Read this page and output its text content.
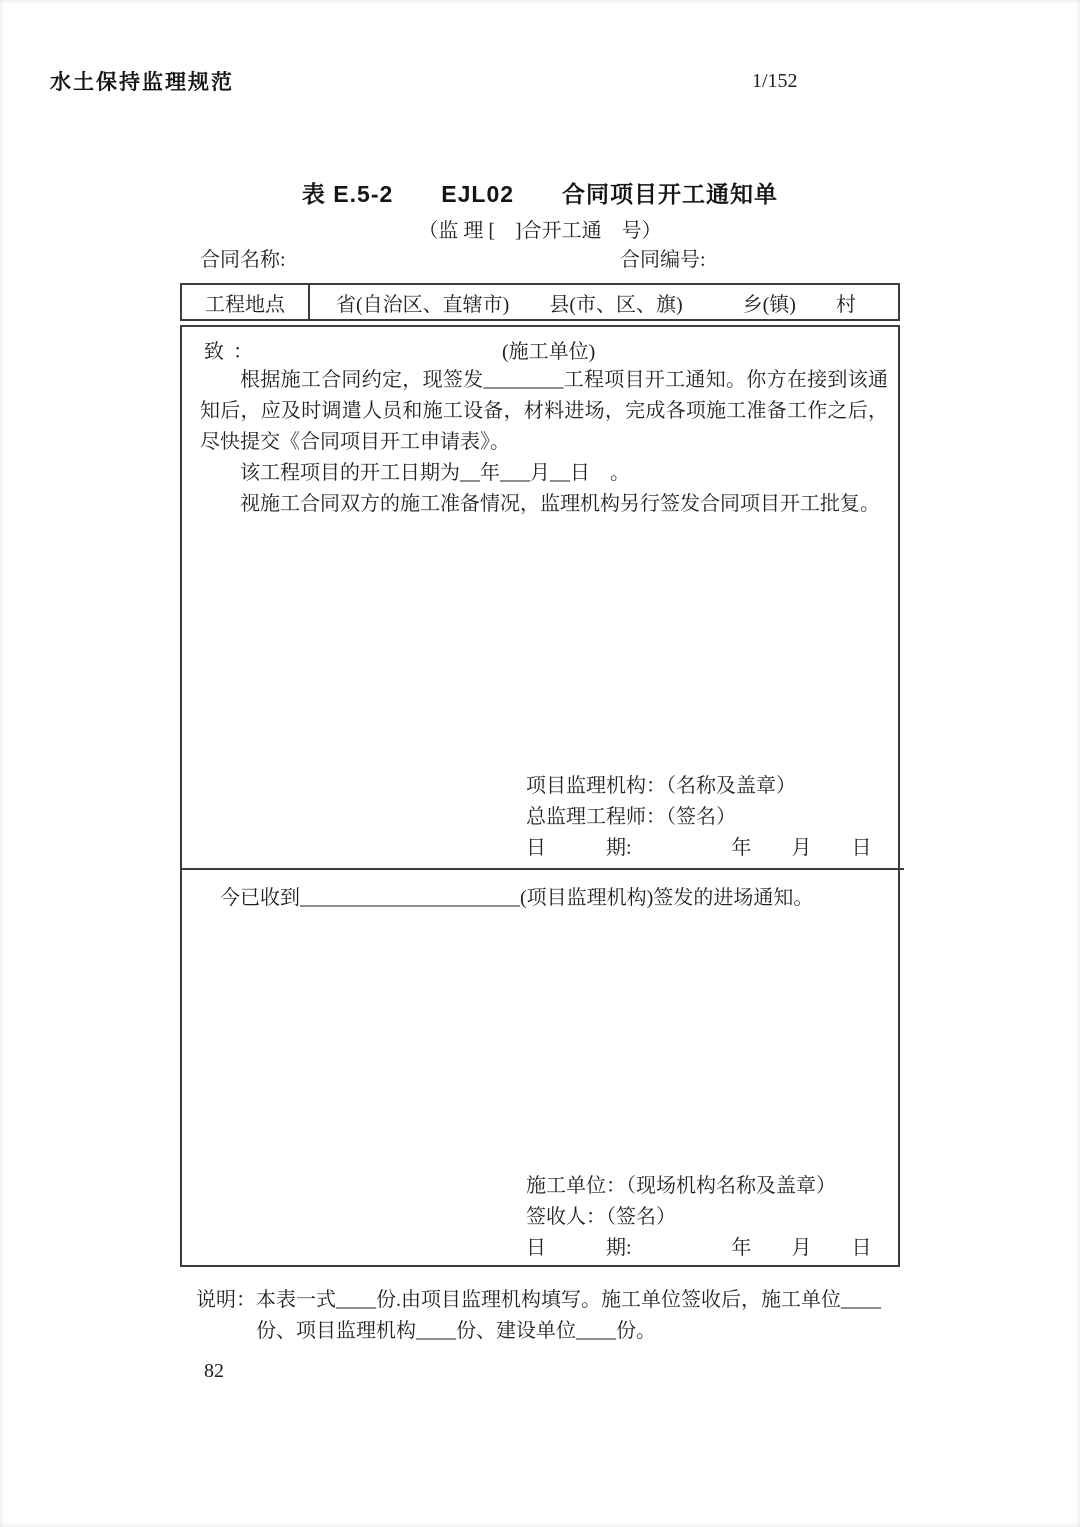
水土保持监理规范	1/152
表 E.5-2　　EJL02　　合同项目开工通知单
（监 理 [　]合开工通　号）
合同名称:	合同编号:
工程地点	省(自治区、直辖市)　　县(市、区、旗)　　　乡(镇)　　村
致 ：	(施工单位)

根据施工合同约定，现签发________工程项目开工通知。你方在接到该通知后，应及时调遣人员和施工设备，材料进场，完成各项施工准备工作之后，尽快提交《合同项目开工申请表》。

该工程项目的开工日期为__年___月__日　。

视施工合同双方的施工准备情况，监理机构另行签发合同项目开工批复。

项目监理机构：（名称及盖章）
总监理工程师：（签名）
日　　　期:　　　　　年　　月　　日
今已收到______________________(项目监理机构)签发的进场通知。
施工单位：（现场机构名称及盖章）
签收人：（签名）
日　　　期:　　　　　年　　月　　日
说明： 本表一式____份.由项目监理机构填写。施工单位签收后，施工单位____
份、项目监理机构____份、建设单位____份。
82
